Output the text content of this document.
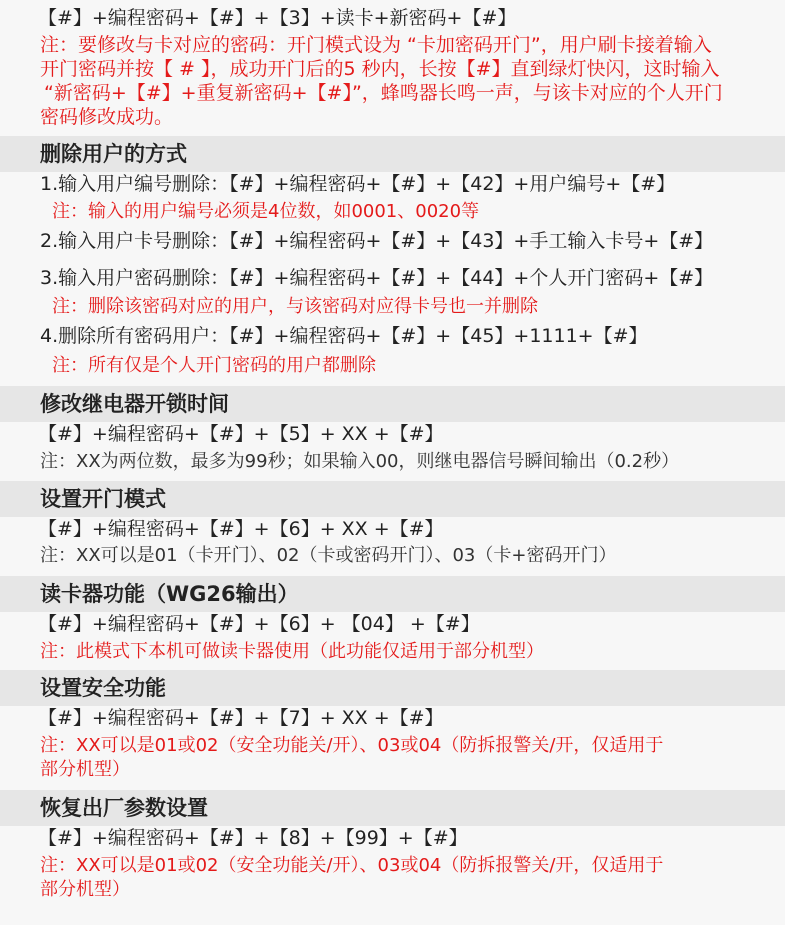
【#】+编程密码+【#】+【3】+读卡+新密码+【#】
注：要修改与卡对应的密码：开门模式设为 “卡加密码开门”，用户刷卡接着输入
开门密码并按【 # 】，成功开门后的5 秒内，长按【#】直到绿灯快闪，这时输入
“新密码+【#】+重复新密码+【#】”，蜂鸣器长鸣一声，与该卡对应的个人开门
密码修改成功。
删除用户的方式
1.输入用户编号删除：【#】+编程密码+【#】+【42】+用户编号+【#】
注：输入的用户编号必须是4位数，如0001、0020等
2.输入用户卡号删除：【#】+编程密码+【#】+【43】+手工输入卡号+【#】
3.输入用户密码删除：【#】+编程密码+【#】+【44】+个人开门密码+【#】
注：删除该密码对应的用户，与该密码对应得卡号也一并删除
4.删除所有密码用户：【#】+编程密码+【#】+【45】+1111+【#】
注：所有仅是个人开门密码的用户都删除
修改继电器开锁时间
【#】+编程密码+【#】+【5】+ XX +【#】
注：XX为两位数，最多为99秒；如果输入00，则继电器信号瞬间输出（0.2秒）
设置开门模式
【#】+编程密码+【#】+【6】+ XX +【#】
注：XX可以是01（卡开门）、02（卡或密码开门）、03（卡+密码开门）
读卡器功能（WG26输出）
【#】+编程密码+【#】+【6】+ 【04】 +【#】
注：此模式下本机可做读卡器使用（此功能仅适用于部分机型）
设置安全功能
【#】+编程密码+【#】+【7】+ XX +【#】
注：XX可以是01或02（安全功能关/开）、03或04（防拆报警关/开，仅适用于
部分机型）
恢复出厂参数设置
【#】+编程密码+【#】+【8】+【99】+【#】
注：XX可以是01或02（安全功能关/开）、03或04（防拆报警关/开，仅适用于
部分机型）
